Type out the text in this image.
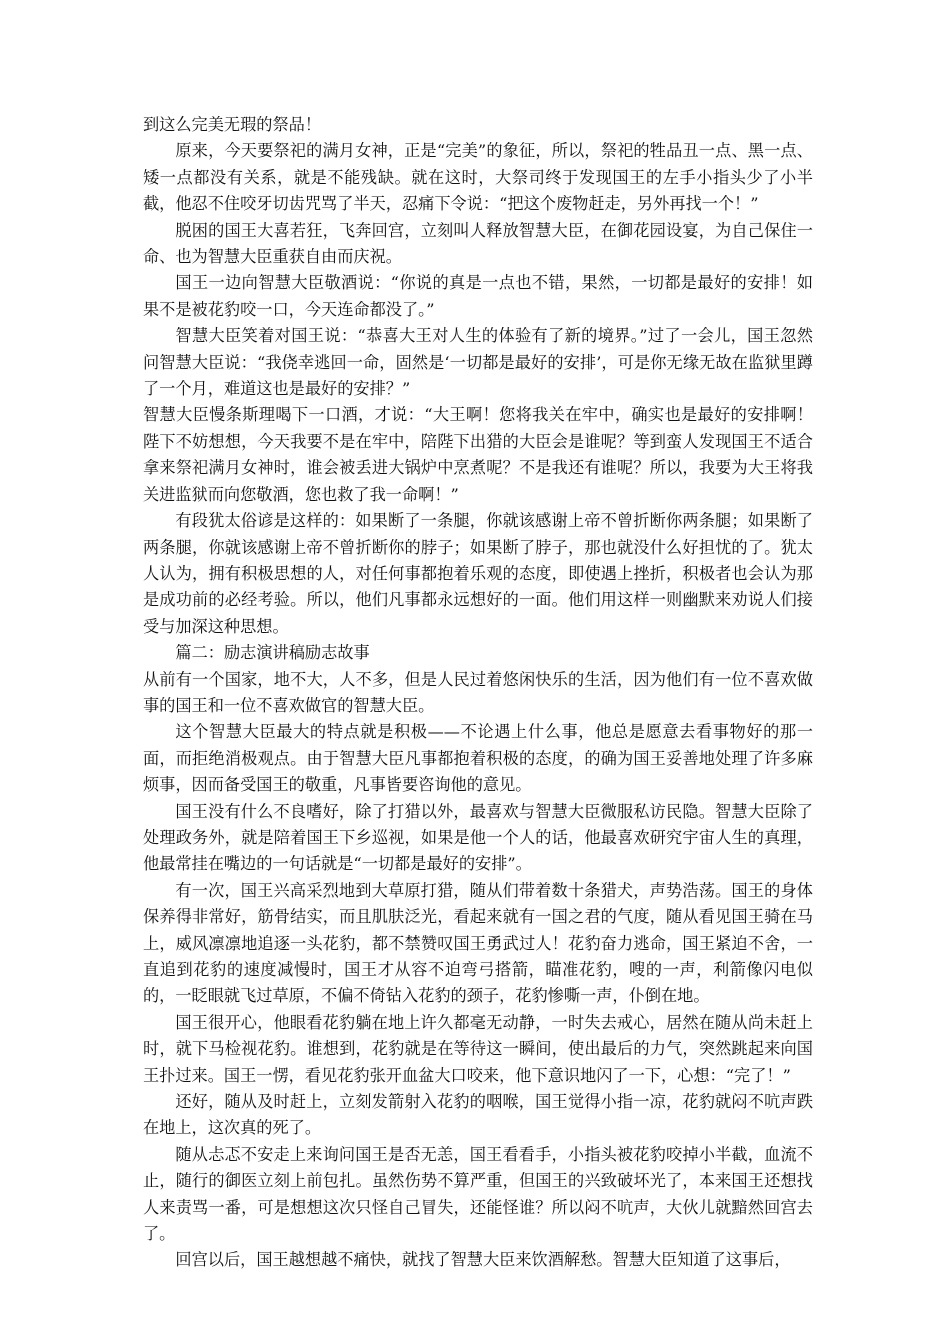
到这么完美无瑕的祭品！

原来，今天要祭祀的满月女神，正是“完美”的象征，所以，祭祀的牲品丑一点、黑一点、矮一点都没有关系，就是不能残缺。就在这时，大祭司终于发现国王的左手小指头少了小半截，他忍不住咬牙切齿咒骂了半天，忍痛下令说：“把这个废物赶走，另外再找一个！”

脱困的国王大喜若狂，飞奔回宫，立刻叫人释放智慧大臣，在御花园设宴，为自己保住一命、也为智慧大臣重获自由而庆祝。

国王一边向智慧大臣敬酒说：“你说的真是一点也不错，果然，一切都是最好的安排！如果不是被花豹咬一口，今天连命都没了。”

智慧大臣笑着对国王说：“恭喜大王对人生的体验有了新的境界。”过了一会儿，国王忽然问智慧大臣说：“我侥幸逃回一命，固然是‘一切都是最好的安排’，可是你无缘无故在监狱里蹲了一个月，难道这也是最好的安排？”

智慧大臣慢条斯理喝下一口酒，才说：“大王啊！您将我关在牢中，确实也是最好的安排啊！陛下不妨想想，今天我要不是在牢中，陪陛下出猎的大臣会是谁呢？等到蛮人发现国王不适合拿来祭祀满月女神时，谁会被丢进大锅炉中烹煮呢？不是我还有谁呢？所以，我要为大王将我关进监狱而向您敬酒，您也救了我一命啊！”

有段犹太俗谚是这样的：如果断了一条腿，你就该感谢上帝不曾折断你两条腿；如果断了两条腿，你就该感谢上帝不曾折断你的脖子；如果断了脖子，那也就没什么好担忧的了。犹太人认为，拥有积极思想的人，对任何事都抱着乐观的态度，即使遇上挫折，积极者也会认为那是成功前的必经考验。所以，他们凡事都永远想好的一面。他们用这样一则幽默来劝说人们接受与加深这种思想。

篇二：励志演讲稿励志故事

从前有一个国家，地不大，人不多，但是人民过着悠闲快乐的生活，因为他们有一位不喜欢做事的国王和一位不喜欢做官的智慧大臣。

这个智慧大臣最大的特点就是积极——不论遇上什么事，他总是愿意去看事物好的那一面，而拒绝消极观点。由于智慧大臣凡事都抱着积极的态度，的确为国王妥善地处理了许多麻烦事，因而备受国王的敬重，凡事皆要咨询他的意见。

国王没有什么不良嗜好，除了打猎以外，最喜欢与智慧大臣微服私访民隐。智慧大臣除了处理政务外，就是陪着国王下乡巡视，如果是他一个人的话，他最喜欢研究宇宙人生的真理，他最常挂在嘴边的一句话就是“一切都是最好的安排”。

有一次，国王兴高采烈地到大草原打猎，随从们带着数十条猎犬，声势浩荡。国王的身体保养得非常好，筋骨结实，而且肌肤泛光，看起来就有一国之君的气度，随从看见国王骑在马上，威风凛凛地追逐一头花豹，都不禁赞叹国王勇武过人！花豹奋力逃命，国王紧迫不舍，一直追到花豹的速度减慢时，国王才从容不迫弯弓搭箭，瞄准花豹，嗖的一声，利箭像闪电似的，一眨眼就飞过草原，不偏不倚钻入花豹的颈子，花豹惨嘶一声，仆倒在地。

国王很开心，他眼看花豹躺在地上许久都毫无动静，一时失去戒心，居然在随从尚未赶上时，就下马检视花豹。谁想到，花豹就是在等待这一瞬间，使出最后的力气，突然跳起来向国王扑过来。国王一愣，看见花豹张开血盆大口咬来，他下意识地闪了一下，心想：“完了！”

还好，随从及时赶上，立刻发箭射入花豹的咽喉，国王觉得小指一凉，花豹就闷不吭声跌在地上，这次真的死了。

随从忐忑不安走上来询问国王是否无恙，国王看看手，小指头被花豹咬掉小半截，血流不止，随行的御医立刻上前包扎。虽然伤势不算严重，但国王的兴致破坏光了，本来国王还想找人来责骂一番，可是想想这次只怪自己冒失，还能怪谁？所以闷不吭声，大伙儿就黯然回宫去了。

回宫以后，国王越想越不痛快，就找了智慧大臣来饮酒解愁。智慧大臣知道了这事后，
